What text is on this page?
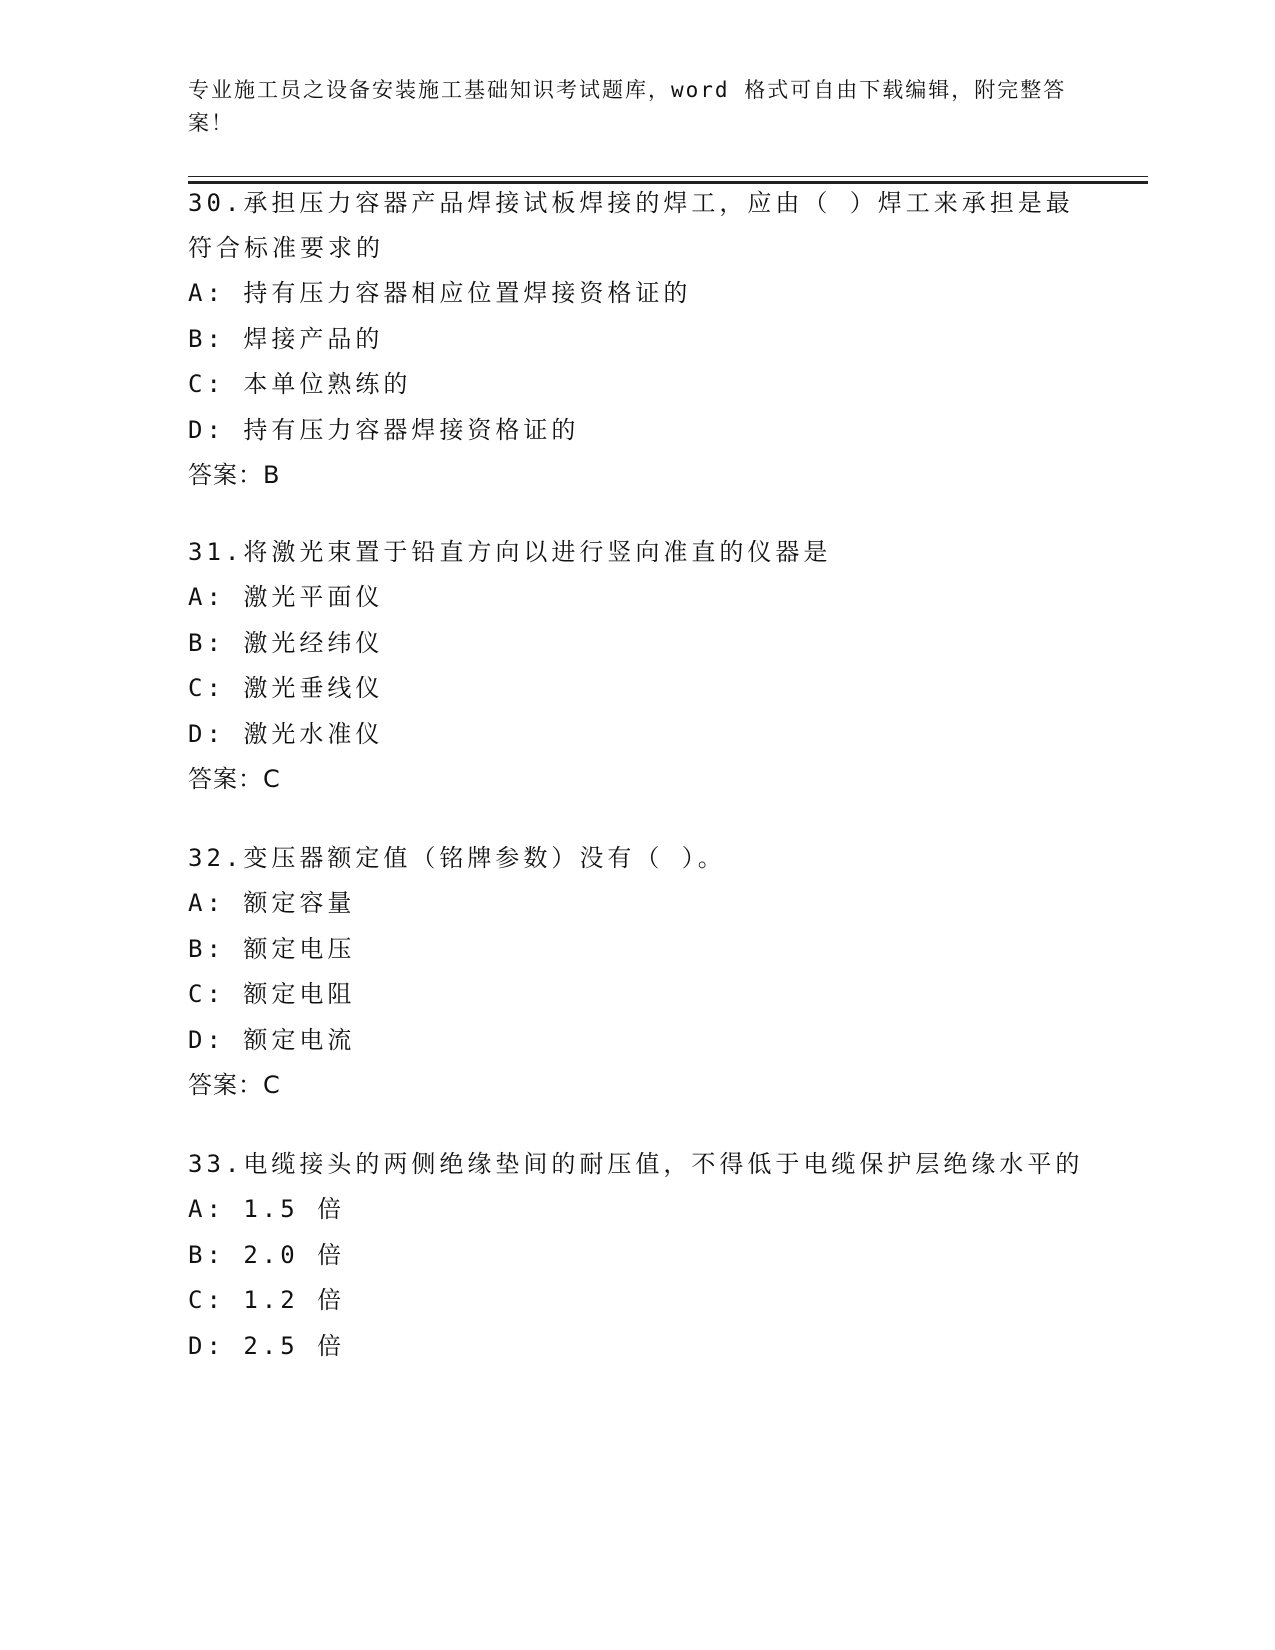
专业施工员之设备安装施工基础知识考试题库，word 格式可自由下载编辑，附完整答案！

30.承担压力容器产品焊接试板焊接的焊工，应由（ ）焊工来承担是最符合标准要求的

A: 持有压力容器相应位置焊接资格证的

B: 焊接产品的

C: 本单位熟练的

D: 持有压力容器焊接资格证的

答案：B

31.将激光束置于铅直方向以进行竖向准直的仪器是

A: 激光平面仪

B: 激光经纬仪

C: 激光垂线仪

D: 激光水准仪

答案：C

32.变压器额定值（铭牌参数）没有（ ）。

A: 额定容量

B: 额定电压

C: 额定电阻

D: 额定电流

答案：C

33.电缆接头的两侧绝缘垫间的耐压值，不得低于电缆保护层绝缘水平的

A: 1.5 倍

B: 2.0 倍

C: 1.2 倍

D: 2.5 倍
